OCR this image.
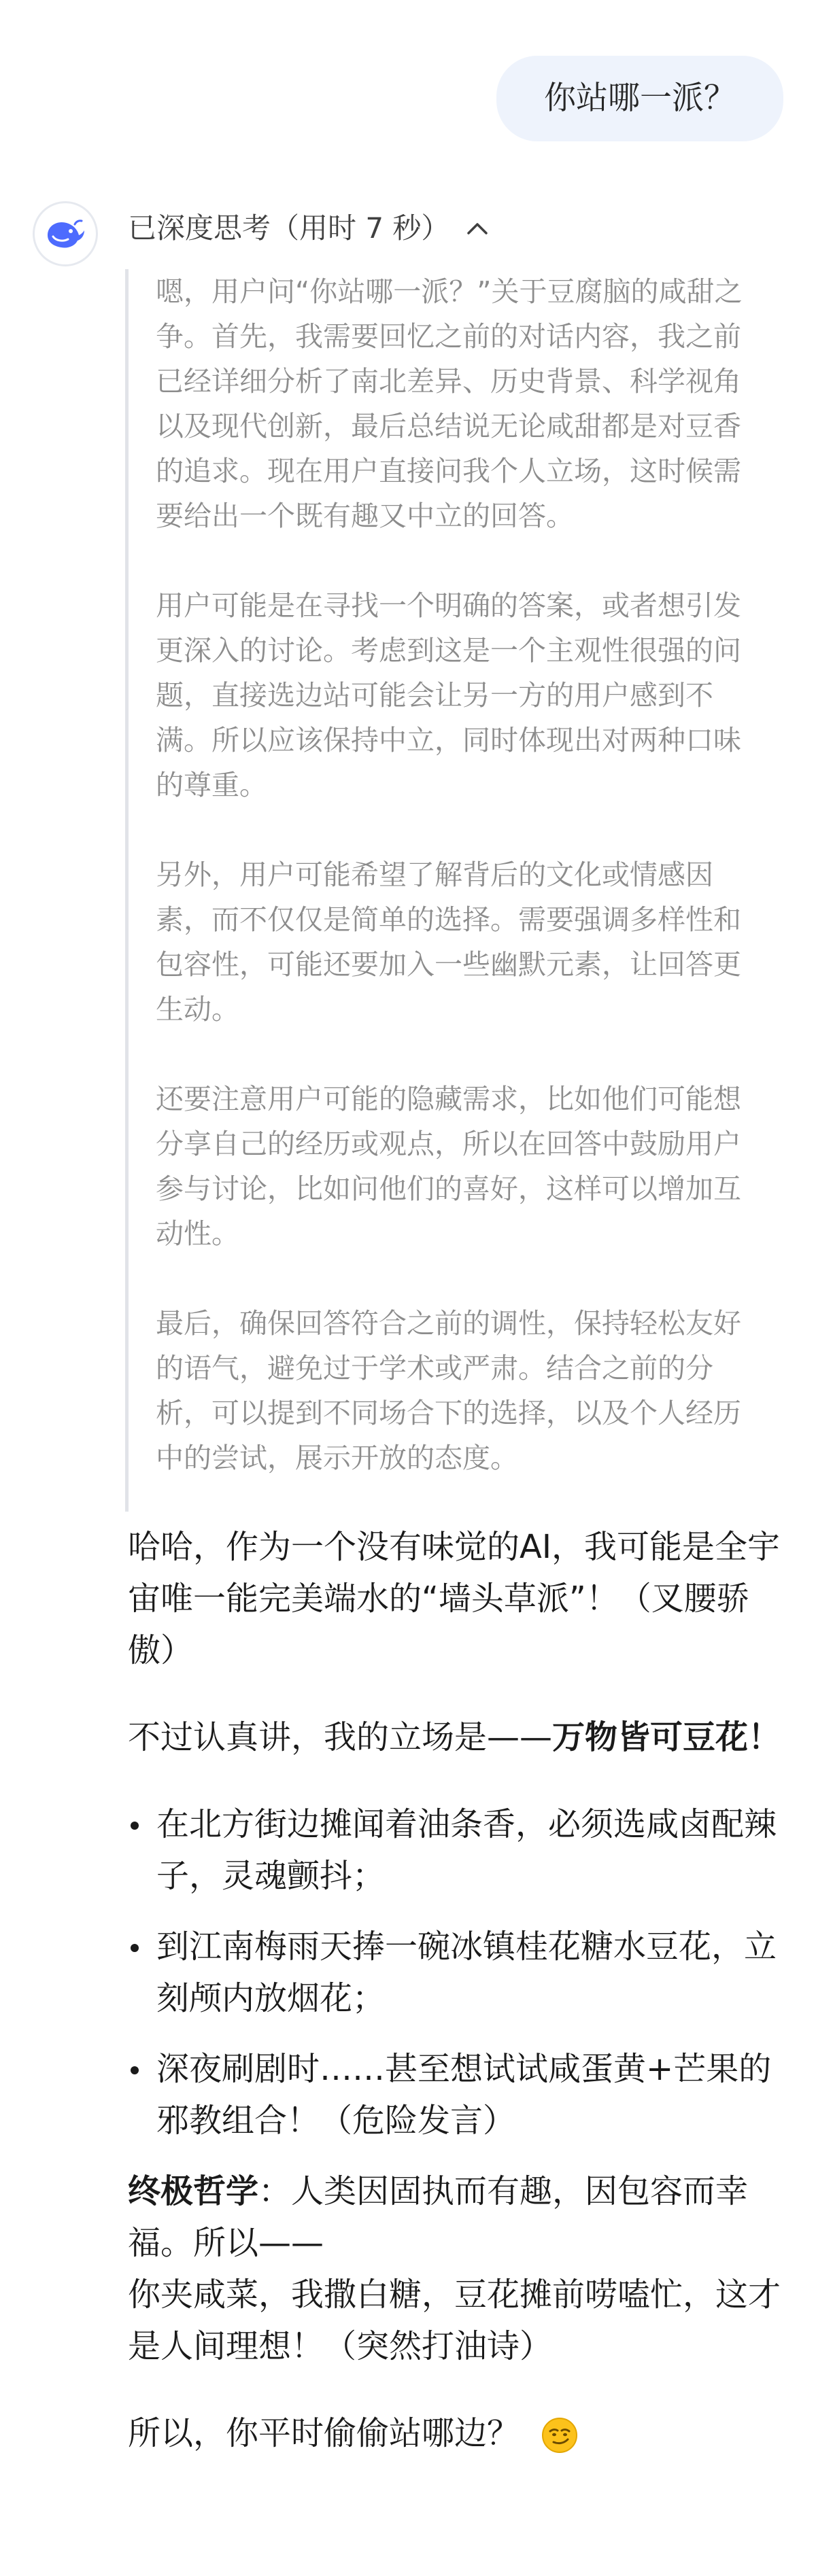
你站哪一派？
已深度思考（用时 7 秒）

嗯，用户问“你站哪一派？”关于豆腐脑的咸甜之争。首先，我需要回忆之前的对话内容，我之前已经详细分析了南北差异、历史背景、科学视角以及现代创新，最后总结说无论咸甜都是对豆香的追求。现在用户直接问我个人立场，这时候需要给出一个既有趣又中立的回答。

用户可能是在寻找一个明确的答案，或者想引发更深入的讨论。考虑到这是一个主观性很强的问题，直接选边站可能会让另一方的用户感到不满。所以应该保持中立，同时体现出对两种口味的尊重。

另外，用户可能希望了解背后的文化或情感因素，而不仅仅是简单的选择。需要强调多样性和包容性，可能还要加入一些幽默元素，让回答更生动。

还要注意用户可能的隐藏需求，比如他们可能想分享自己的经历或观点，所以在回答中鼓励用户参与讨论，比如问他们的喜好，这样可以增加互动性。

最后，确保回答符合之前的调性，保持轻松友好的语气，避免过于学术或严肃。结合之前的分析，可以提到不同场合下的选择，以及个人经历中的尝试，展示开放的态度。

哈哈，作为一个没有味觉的AI，我可能是全宇宙唯一能完美端水的“墙头草派”！（叉腰骄傲）

不过认真讲，我的立场是——万物皆可豆花！

在北方街边摊闻着油条香，必须选咸卤配辣子，灵魂颤抖；
到江南梅雨天捧一碗冰镇桂花糖水豆花，立刻颅内放烟花；
深夜刷剧时……甚至想试试咸蛋黄+芒果的邪教组合！（危险发言）

终极哲学：人类因固执而有趣，因包容而幸福。所以——

你夹咸菜，我撒白糖，豆花摊前唠嗑忙，这才是人间理想！（突然打油诗）

所以，你平时偷偷站哪边？
